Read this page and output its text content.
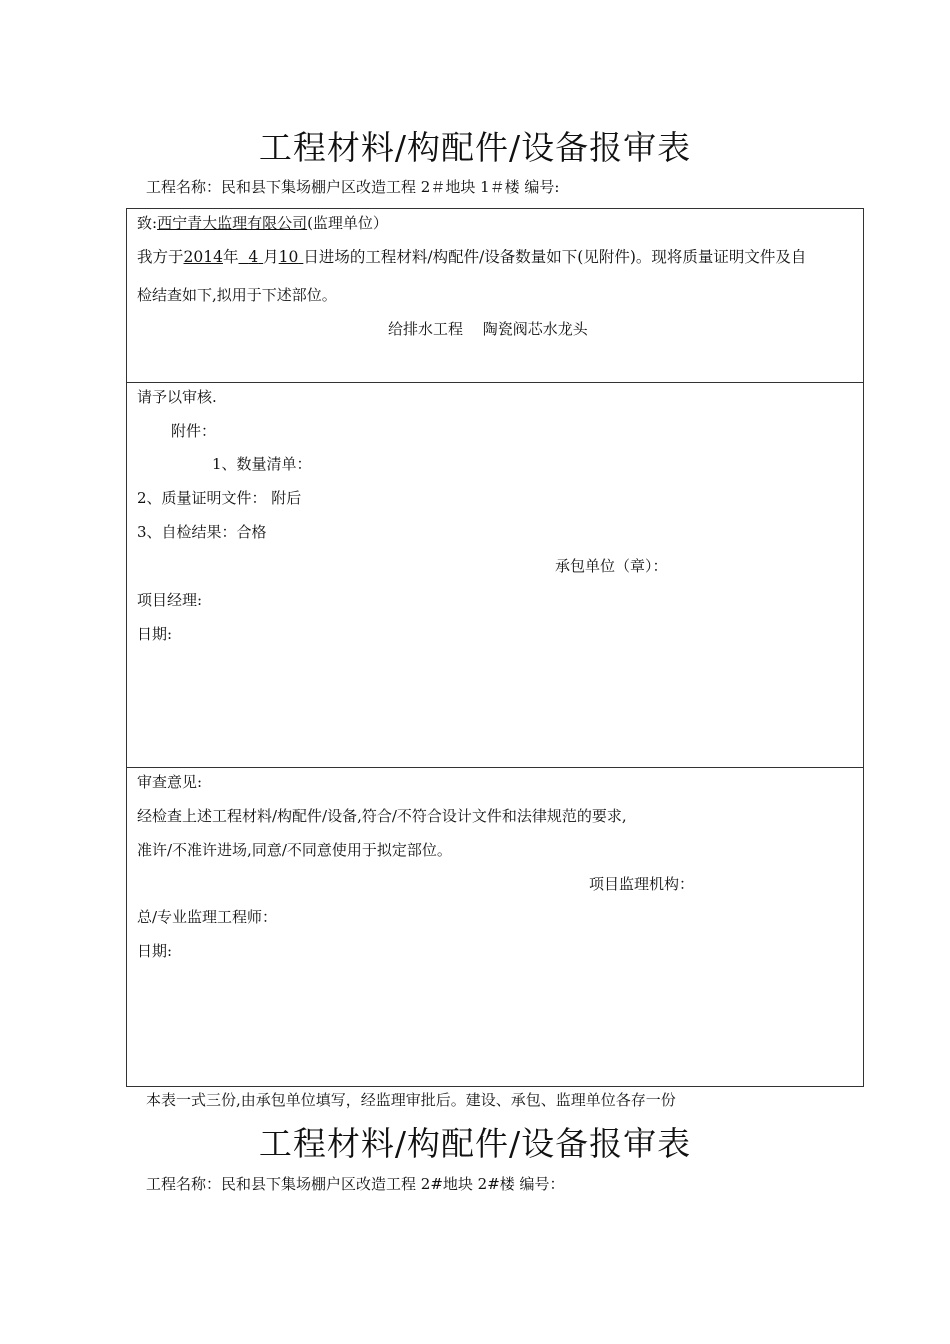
工程材料/构配件/设备报审表
工程名称：民和县下集场棚户区改造工程 2＃地块 1＃楼 编号:
致:西宁青大监理有限公司(监理单位）
我方于2014年 4 月10 日进场的工程材料/构配件/设备数量如下(见附件)。现将质量证明文件及自
检结查如下,拟用于下述部位。
给排水工程　 陶瓷阀芯水龙头
请予以审核.
附件：
1、数量清单：
2、质量证明文件： 附后
3、自检结果：合格
承包单位（章）：
项目经理:
日期:
审查意见:
经检查上述工程材料/构配件/设备,符合/不符合设计文件和法律规范的要求,
准许/不准许进场,同意/不同意使用于拟定部位。
项目监理机构：
总/专业监理工程师：
日期:
本表一式三份,由承包单位填写，经监理审批后。建设、承包、监理单位各存一份
工程材料/构配件/设备报审表
工程名称：民和县下集场棚户区改造工程 2#地块 2#楼 编号：
